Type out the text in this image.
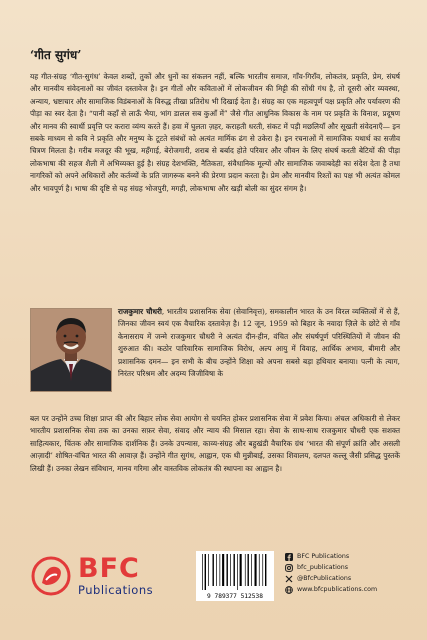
‘गीत सुगंध’

यह गीत-संग्रह ‘गीत-सुगंध’ केवल शब्दों, तुकों और धुनों का संकलन नहीं, बल्कि भारतीय समाज, गाँव-गिराँव, लोकतंत्र, प्रकृति, प्रेम, संघर्ष और मानवीय संवेदनाओं का जीवंत दस्तावेज है। इन गीतों और कविताओं में लोकजीवन की मिट्टी की सोंधी गंध है, तो दूसरी ओर व्यवस्था, अन्याय, भ्रष्टाचार और सामाजिक विडंबनाओं के विरुद्ध तीखा प्रतिरोध भी दिखाई देता है। संग्रह का एक महत्वपूर्ण पक्ष प्रकृति और पर्यावरण की पीड़ा का स्वर देता है। “पानी कहाँ से लाऊँ भैया, भांग डालल सब कुआँ में” जैसे गीत आधुनिक विकास के नाम पर प्रकृति के विनाश, प्रदूषण और मानव की स्वार्थी प्रवृत्ति पर करारा व्यंग्य करते हैं। हवा में घुलता ज़हर, कराहती धरती, संकट में पड़ी मछलियाँ और सूखती संवेदनाएँ— इन सबके माध्यम से कवि ने प्रकृति और मनुष्य के टूटते संबंधों को अत्यंत मार्मिक ढंग से उकेरा है। इन रचनाओं में सामाजिक यथार्थ का सजीव चित्रण मिलता है। गरीब मजदूर की भूख, महँगाई, बेरोजगारी, शराब से बर्बाद होते परिवार और जीवन के लिए संघर्ष करती बेटियों की पीड़ा लोकभाषा की सहज शैली में अभिव्यक्त हुई है। संग्रह देशभक्ति, नैतिकता, संवैधानिक मूल्यों और सामाजिक जवाबदेही का संदेश देता है तथा नागरिकों को अपने अधिकारों और कर्तव्यों के प्रति जागरूक बनने की प्रेरणा प्रदान करता है। प्रेम और मानवीय रिश्तों का पक्ष भी अत्यंत कोमल और भावपूर्ण है। भाषा की दृष्टि से यह संग्रह भोजपुरी, मगही, लोकभाषा और खड़ी बोली का सुंदर संगम है।

राजकुमार चौधरी, भारतीय प्रशासनिक सेवा (सेवानिवृत्त), समकालीन भारत के उन विरल व्यक्तित्वों में से हैं, जिनका जीवन स्वयं एक वैचारिक दस्तावेज़ है। 12 जून, 1959 को बिहार के नवादा ज़िले के छोटे से गाँव केनासराय में जन्मे राजकुमार चौधरी ने अत्यंत दीन-हीन, वंचित और संघर्षपूर्ण परिस्थितियों में जीवन की शुरुआत की। कठोर पारिवारिक सामाजिक विरोध, अल्प आयु में विवाह, आर्थिक अभाव, बीमारी और प्रशासनिक दमन— इन सभी के बीच उन्होंने शिक्षा को अपना सबसे बड़ा हथियार बनाया। पत्नी के त्याग, निरंतर परिश्रम और अदम्य जिजीविषा के

बल पर उन्होंने उच्च शिक्षा प्राप्त की और बिहार लोक सेवा आयोग से चयनित होकर प्रशासनिक सेवा में प्रवेश किया। अंचल अधिकारी से लेकर भारतीय प्रशासनिक सेवा तक का उनका सफ़र सेवा, संवाद और न्याय की मिसाल रहा। सेवा के साथ-साथ राजकुमार चौधरी एक सशक्त साहित्यकार, चिंतक और सामाजिक दार्शनिक हैं। उनके उपन्यास, काव्य-संग्रह और बहुखंडी वैचारिक ग्रंथ ‘भारत की संपूर्ण क्रांति और असली आज़ादी’ शोषित-वंचित भारत की आवाज़ हैं। उन्होंने गीत सुगंध, आह्वान, एक थी मुन्नीबाई, उसका शिवालय, दलपत कल्लू जैसी प्रसिद्ध पुस्तकें लिखी हैं। उनका लेखन संविधान, मानव गरिमा और वास्तविक लोकतंत्र की स्थापना का आह्वान है।

BFC
Publications	9 789377 512538
BFC Publications
bfc_publications
@BfcPublications
www.bfcpublications.com
